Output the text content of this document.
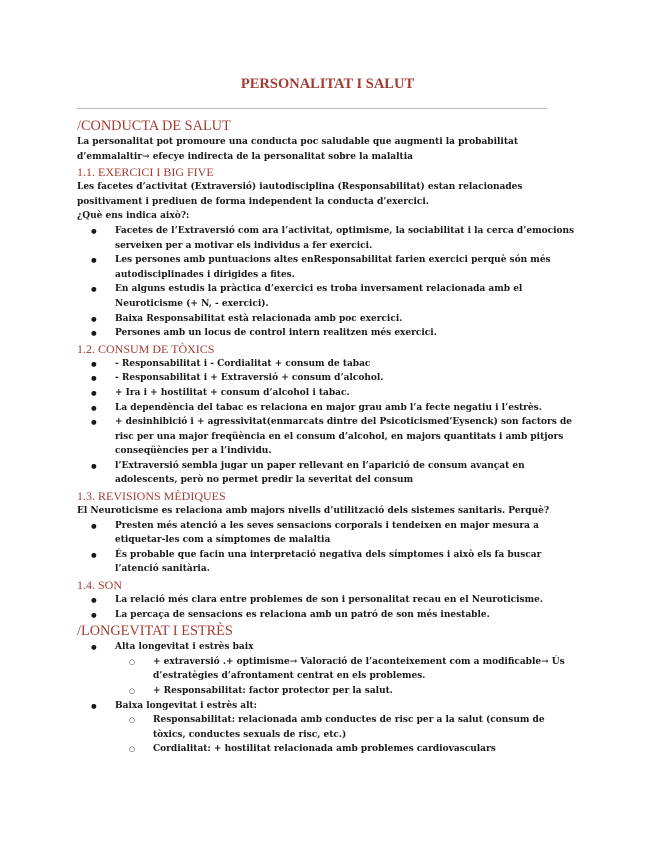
PERSONALITAT I SALUT
/CONDUCTA DE SALUT

La personalitat pot promoure una conducta poc saludable que augmenti la probabilitat d’emmalaltir→ efecye indirecta de la personalitat sobre la malaltia

1.1. EXERCICI I BIG FIVE

Les facetes d’activitat (Extraversió) iautodisciplina (Responsabilitat) estan relacionades positivament i prediuen de forma independent la conducta d’exercici.

¿Què ens indica això?:

● Facetes de l’Extraversió com ara l’activitat, optimisme, la sociabilitat i la cerca d’emocions serveixen per a motivar els individus a fer exercici.
● Les persones amb puntuacions altes enResponsabilitat farien exercici perquè són més autodisciplinades i dirigides a fites.
● En alguns estudis la pràctica d’exercici es troba inversament relacionada amb el Neuroticisme (+ N, - exercici).
● Baixa Responsabilitat està relacionada amb poc exercici.
● Persones amb un locus de control intern realitzen més exercici.
1.2. CONSUM DE TÒXICS
● - Responsabilitat i - Cordialitat + consum de tabac
● - Responsabilitat i + Extraversió + consum d’alcohol.
● + Ira i + hostilitat + consum d’alcohol i tabac.
● La dependència del tabac es relaciona en major grau amb l’a fecte negatiu i l’estrès.
● + desinhibició i + agressivitat(enmarcats dintre del Psicoticismed’Eysenck) son factors de risc per una major freqüència en el consum d’alcohol, en majors quantitats i amb pitjors conseqüències per a l’individu.
● l’Extraversió sembla jugar un paper rellevant en l’aparició de consum avançat en adolescents, però no permet predir la severitat del consum
1.3. REVISIONS MÈDIQUES

El Neuroticisme es relaciona amb majors nivells d’utilització dels sistemes sanitaris. Perquè?

● Presten més atenció a les seves sensacions corporals i tendeixen en major mesura a etiquetar-les com a símptomes de malaltia
● És probable que facin una interpretació negativa dels símptomes i això els fa buscar l’atenció sanitària.
1.4. SON
● La relació més clara entre problemes de son i personalitat recau en el Neuroticisme.
● La percaça de sensacions es relaciona amb un patró de son més inestable.
/LONGEVITAT I ESTRÈS
● Alta longevitat i estrès baix
○ + extraversió .+ optimisme→ Valoració de l’aconteixement com a modificable→ Ús d’estratègies d’afrontament centrat en els problemes.
○ + Responsabilitat: factor protector per la salut.
● Baixa longevitat i estrès alt:
○ Responsabilitat: relacionada amb conductes de risc per a la salut (consum de tòxics, conductes sexuals de risc, etc.)
○ Cordialitat: + hostilitat relacionada amb problemes cardiovasculars
